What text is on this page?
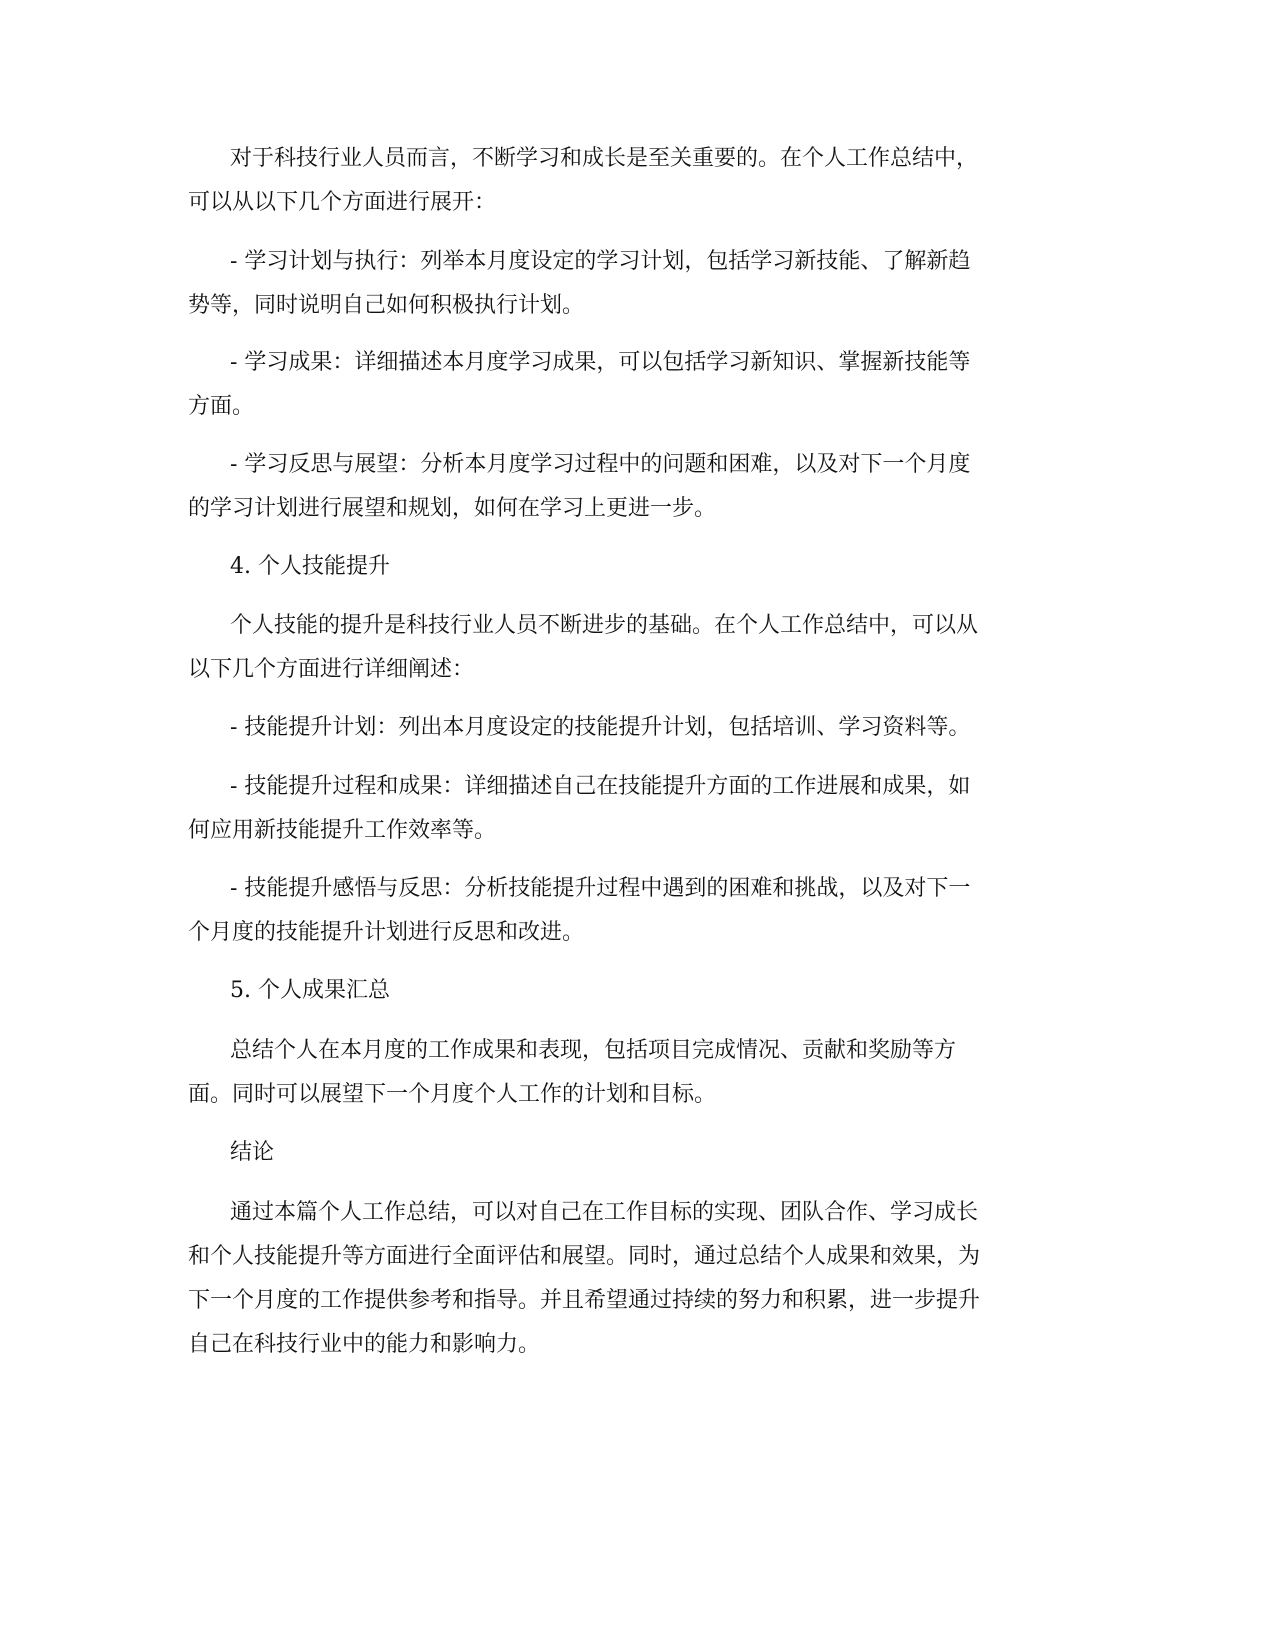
对于科技行业人员而言，不断学习和成长是至关重要的。在个人工作总结中，
可以从以下几个方面进行展开：

- 学习计划与执行：列举本月度设定的学习计划，包括学习新技能、了解新趋
势等，同时说明自己如何积极执行计划。

- 学习成果：详细描述本月度学习成果，可以包括学习新知识、掌握新技能等
方面。

- 学习反思与展望：分析本月度学习过程中的问题和困难，以及对下一个月度
的学习计划进行展望和规划，如何在学习上更进一步。

4. 个人技能提升

个人技能的提升是科技行业人员不断进步的基础。在个人工作总结中，可以从
以下几个方面进行详细阐述：

- 技能提升计划：列出本月度设定的技能提升计划，包括培训、学习资料等。

- 技能提升过程和成果：详细描述自己在技能提升方面的工作进展和成果，如
何应用新技能提升工作效率等。

- 技能提升感悟与反思：分析技能提升过程中遇到的困难和挑战，以及对下一
个月度的技能提升计划进行反思和改进。

5. 个人成果汇总

总结个人在本月度的工作成果和表现，包括项目完成情况、贡献和奖励等方
面。同时可以展望下一个月度个人工作的计划和目标。

结论

通过本篇个人工作总结，可以对自己在工作目标的实现、团队合作、学习成长
和个人技能提升等方面进行全面评估和展望。同时，通过总结个人成果和效果，为
下一个月度的工作提供参考和指导。并且希望通过持续的努力和积累，进一步提升
自己在科技行业中的能力和影响力。
